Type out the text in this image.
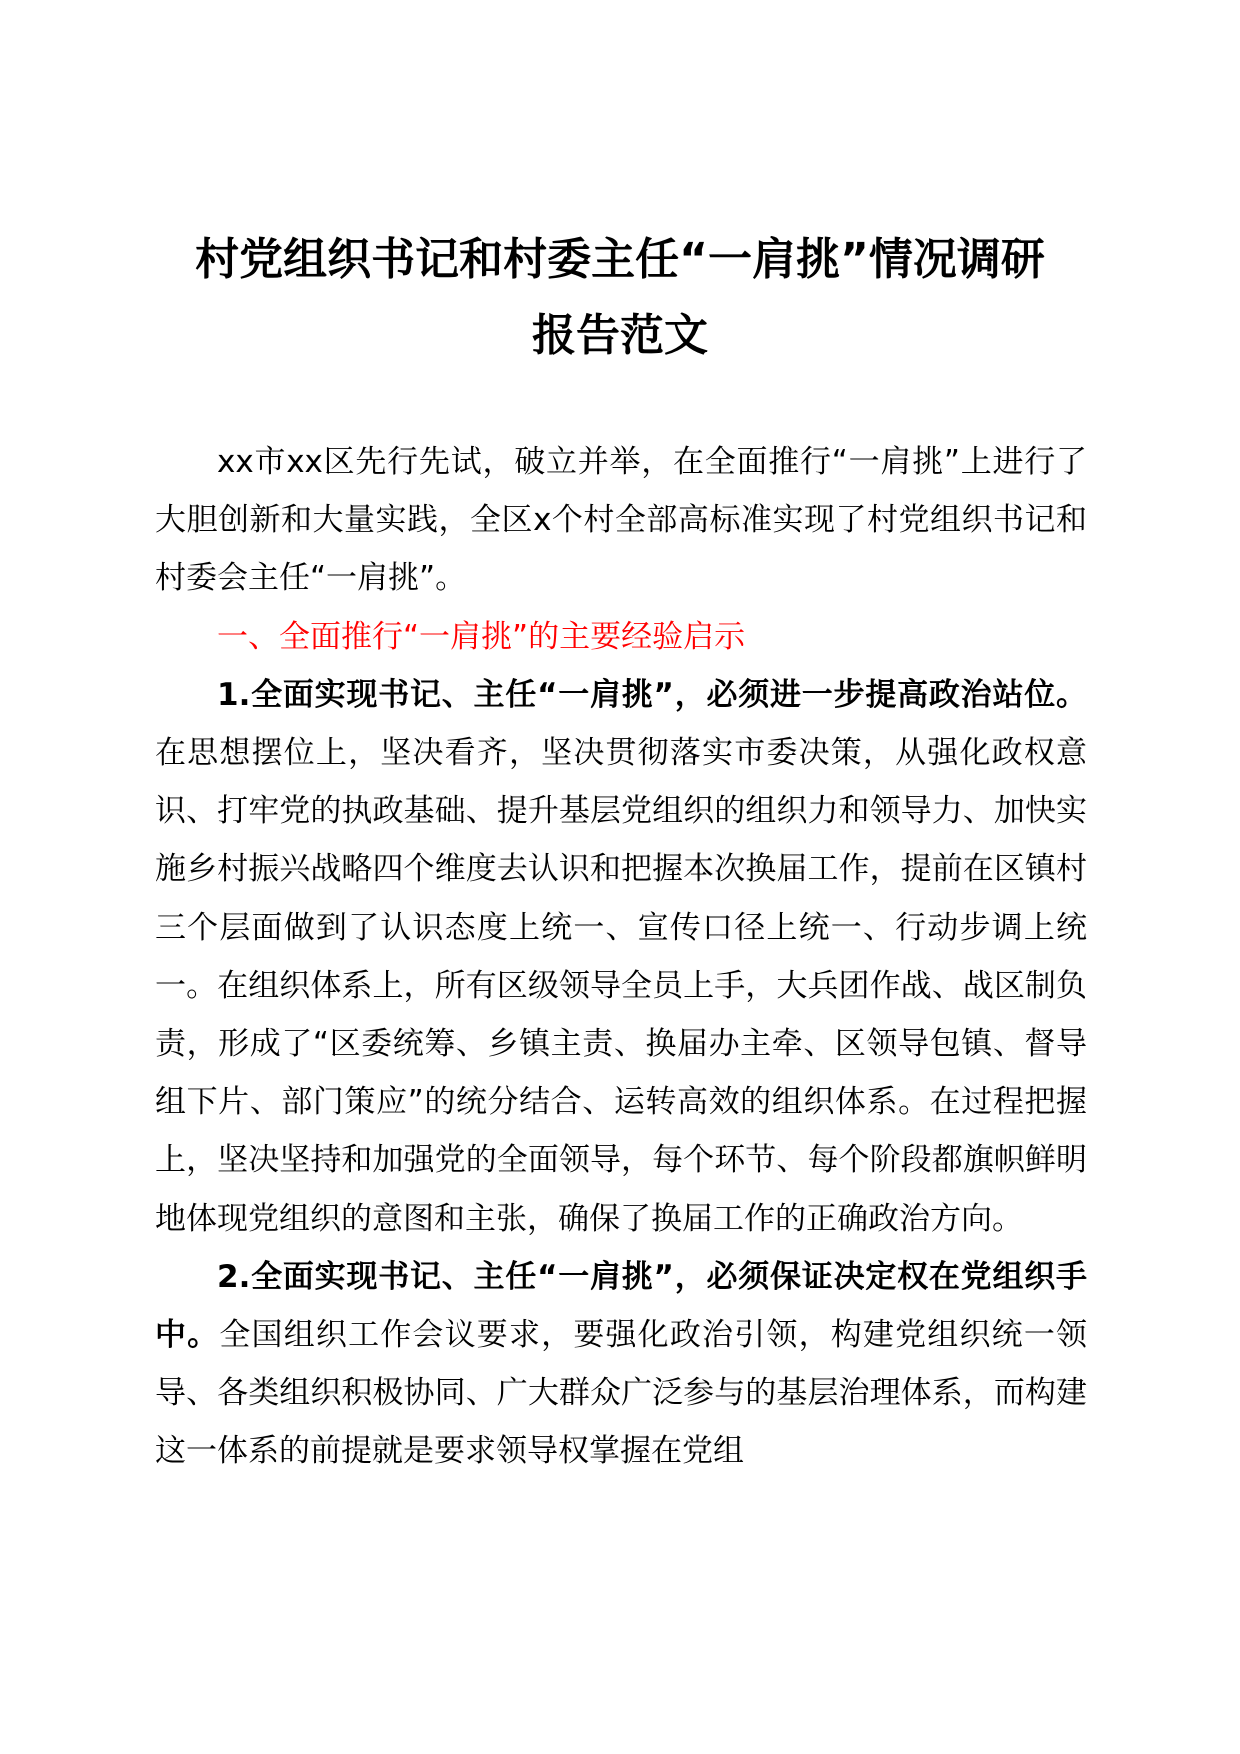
村党组织书记和村委主任“一肩挑”情况调研
报告范文

xx市xx区先行先试，破立并举，在全面推行“一肩挑”上进行了大胆创新和大量实践，全区x个村全部高标准实现了村党组织书记和村委会主任“一肩挑”。

一、全面推行“一肩挑”的主要经验启示

1.全面实现书记、主任“一肩挑”，必须进一步提高政治站位。在思想摆位上，坚决看齐，坚决贯彻落实市委决策，从强化政权意识、打牢党的执政基础、提升基层党组织的组织力和领导力、加快实施乡村振兴战略四个维度去认识和把握本次换届工作，提前在区镇村三个层面做到了认识态度上统一、宣传口径上统一、行动步调上统一。在组织体系上，所有区级领导全员上手，大兵团作战、战区制负责，形成了“区委统筹、乡镇主责、换届办主牵、区领导包镇、督导组下片、部门策应”的统分结合、运转高效的组织体系。在过程把握上，坚决坚持和加强党的全面领导，每个环节、每个阶段都旗帜鲜明地体现党组织的意图和主张，确保了换届工作的正确政治方向。

2.全面实现书记、主任“一肩挑”，必须保证决定权在党组织手中。全国组织工作会议要求，要强化政治引领，构建党组织统一领导、各类组织积极协同、广大群众广泛参与的基层治理体系，而构建这一体系的前提就是要求领导权掌握在党组
